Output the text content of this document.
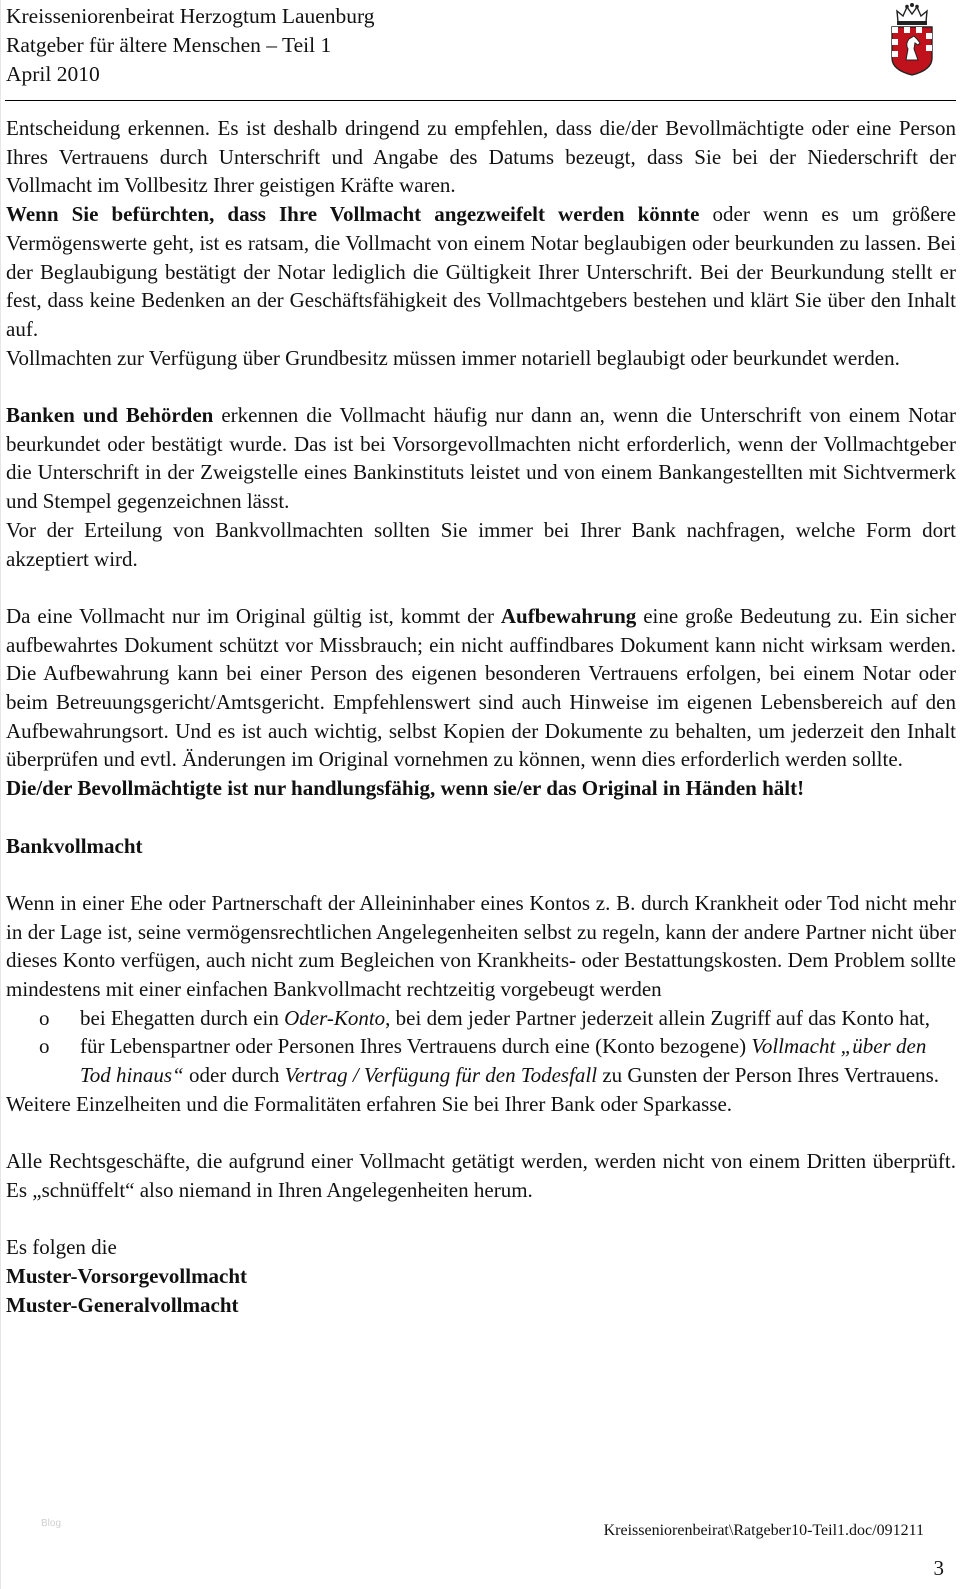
Kreisseniorenbeirat Herzogtum Lauenburg
Ratgeber für ältere Menschen – Teil 1
April 2010

Entscheidung erkennen. Es ist deshalb dringend zu empfehlen, dass die/der Bevollmächtigte oder eine Person Ihres Vertrauens durch Unterschrift und Angabe des Datums bezeugt, dass Sie bei der Niederschrift der Vollmacht im Vollbesitz Ihrer geistigen Kräfte waren.
Wenn Sie befürchten, dass Ihre Vollmacht angezweifelt werden könnte oder wenn es um größere Vermögenswerte geht, ist es ratsam, die Vollmacht von einem Notar beglaubigen oder beurkunden zu lassen. Bei der Beglaubigung bestätigt der Notar lediglich die Gültigkeit Ihrer Unterschrift. Bei der Beurkundung stellt er fest, dass keine Bedenken an der Geschäftsfähigkeit des Vollmachtgebers bestehen und klärt Sie über den Inhalt auf.
Vollmachten zur Verfügung über Grundbesitz müssen immer notariell beglaubigt oder beurkundet werden.

Banken und Behörden erkennen die Vollmacht häufig nur dann an, wenn die Unterschrift von einem Notar beurkundet oder bestätigt wurde. Das ist bei Vorsorgevollmachten nicht erforderlich, wenn der Vollmachtgeber die Unterschrift in der Zweigstelle eines Bankinstituts leistet und von einem Bankangestellten mit Sichtvermerk und Stempel gegenzeichnen lässt.
Vor der Erteilung von Bankvollmachten sollten Sie immer bei Ihrer Bank nachfragen, welche Form dort akzeptiert wird.

Da eine Vollmacht nur im Original gültig ist, kommt der Aufbewahrung eine große Bedeutung zu. Ein sicher aufbewahrtes Dokument schützt vor Missbrauch; ein nicht auffindbares Dokument kann nicht wirksam werden. Die Aufbewahrung kann bei einer Person des eigenen besonderen Vertrauens erfolgen, bei einem Notar oder beim Betreuungsgericht/Amtsgericht. Empfehlenswert sind auch Hinweise im eigenen Lebensbereich auf den Aufbewahrungsort. Und es ist auch wichtig, selbst Kopien der Dokumente zu behalten, um jederzeit den Inhalt überprüfen und evtl. Änderungen im Original vornehmen zu können, wenn dies erforderlich werden sollte.
Die/der Bevollmächtigte ist nur handlungsfähig, wenn sie/er das Original in Händen hält!

Bankvollmacht

Wenn in einer Ehe oder Partnerschaft der Alleininhaber eines Kontos z. B. durch Krankheit oder Tod nicht mehr in der Lage ist, seine vermögensrechtlichen Angelegenheiten selbst zu regeln, kann der andere Partner nicht über dieses Konto verfügen, auch nicht zum Begleichen von Krankheits- oder Bestattungskosten. Dem Problem sollte mindestens mit einer einfachen Bankvollmacht rechtzeitig vorgebeugt werden

o bei Ehegatten durch ein Oder-Konto, bei dem jeder Partner jederzeit allein Zugriff auf das Konto hat,
o für Lebenspartner oder Personen Ihres Vertrauens durch eine (Konto bezogene) Vollmacht „über den Tod hinaus“ oder durch Vertrag / Verfügung für den Todesfall zu Gunsten der Person Ihres Vertrauens.

Weitere Einzelheiten und die Formalitäten erfahren Sie bei Ihrer Bank oder Sparkasse.

Alle Rechtsgeschäfte, die aufgrund einer Vollmacht getätigt werden, werden nicht von einem Dritten überprüft. Es „schnüffelt“ also niemand in Ihren Angelegenheiten herum.

Es folgen die
Muster-Vorsorgevollmacht
Muster-Generalvollmacht

Blog	Kreisseniorenbeirat\Ratgeber10-Teil1.doc/091211
3
